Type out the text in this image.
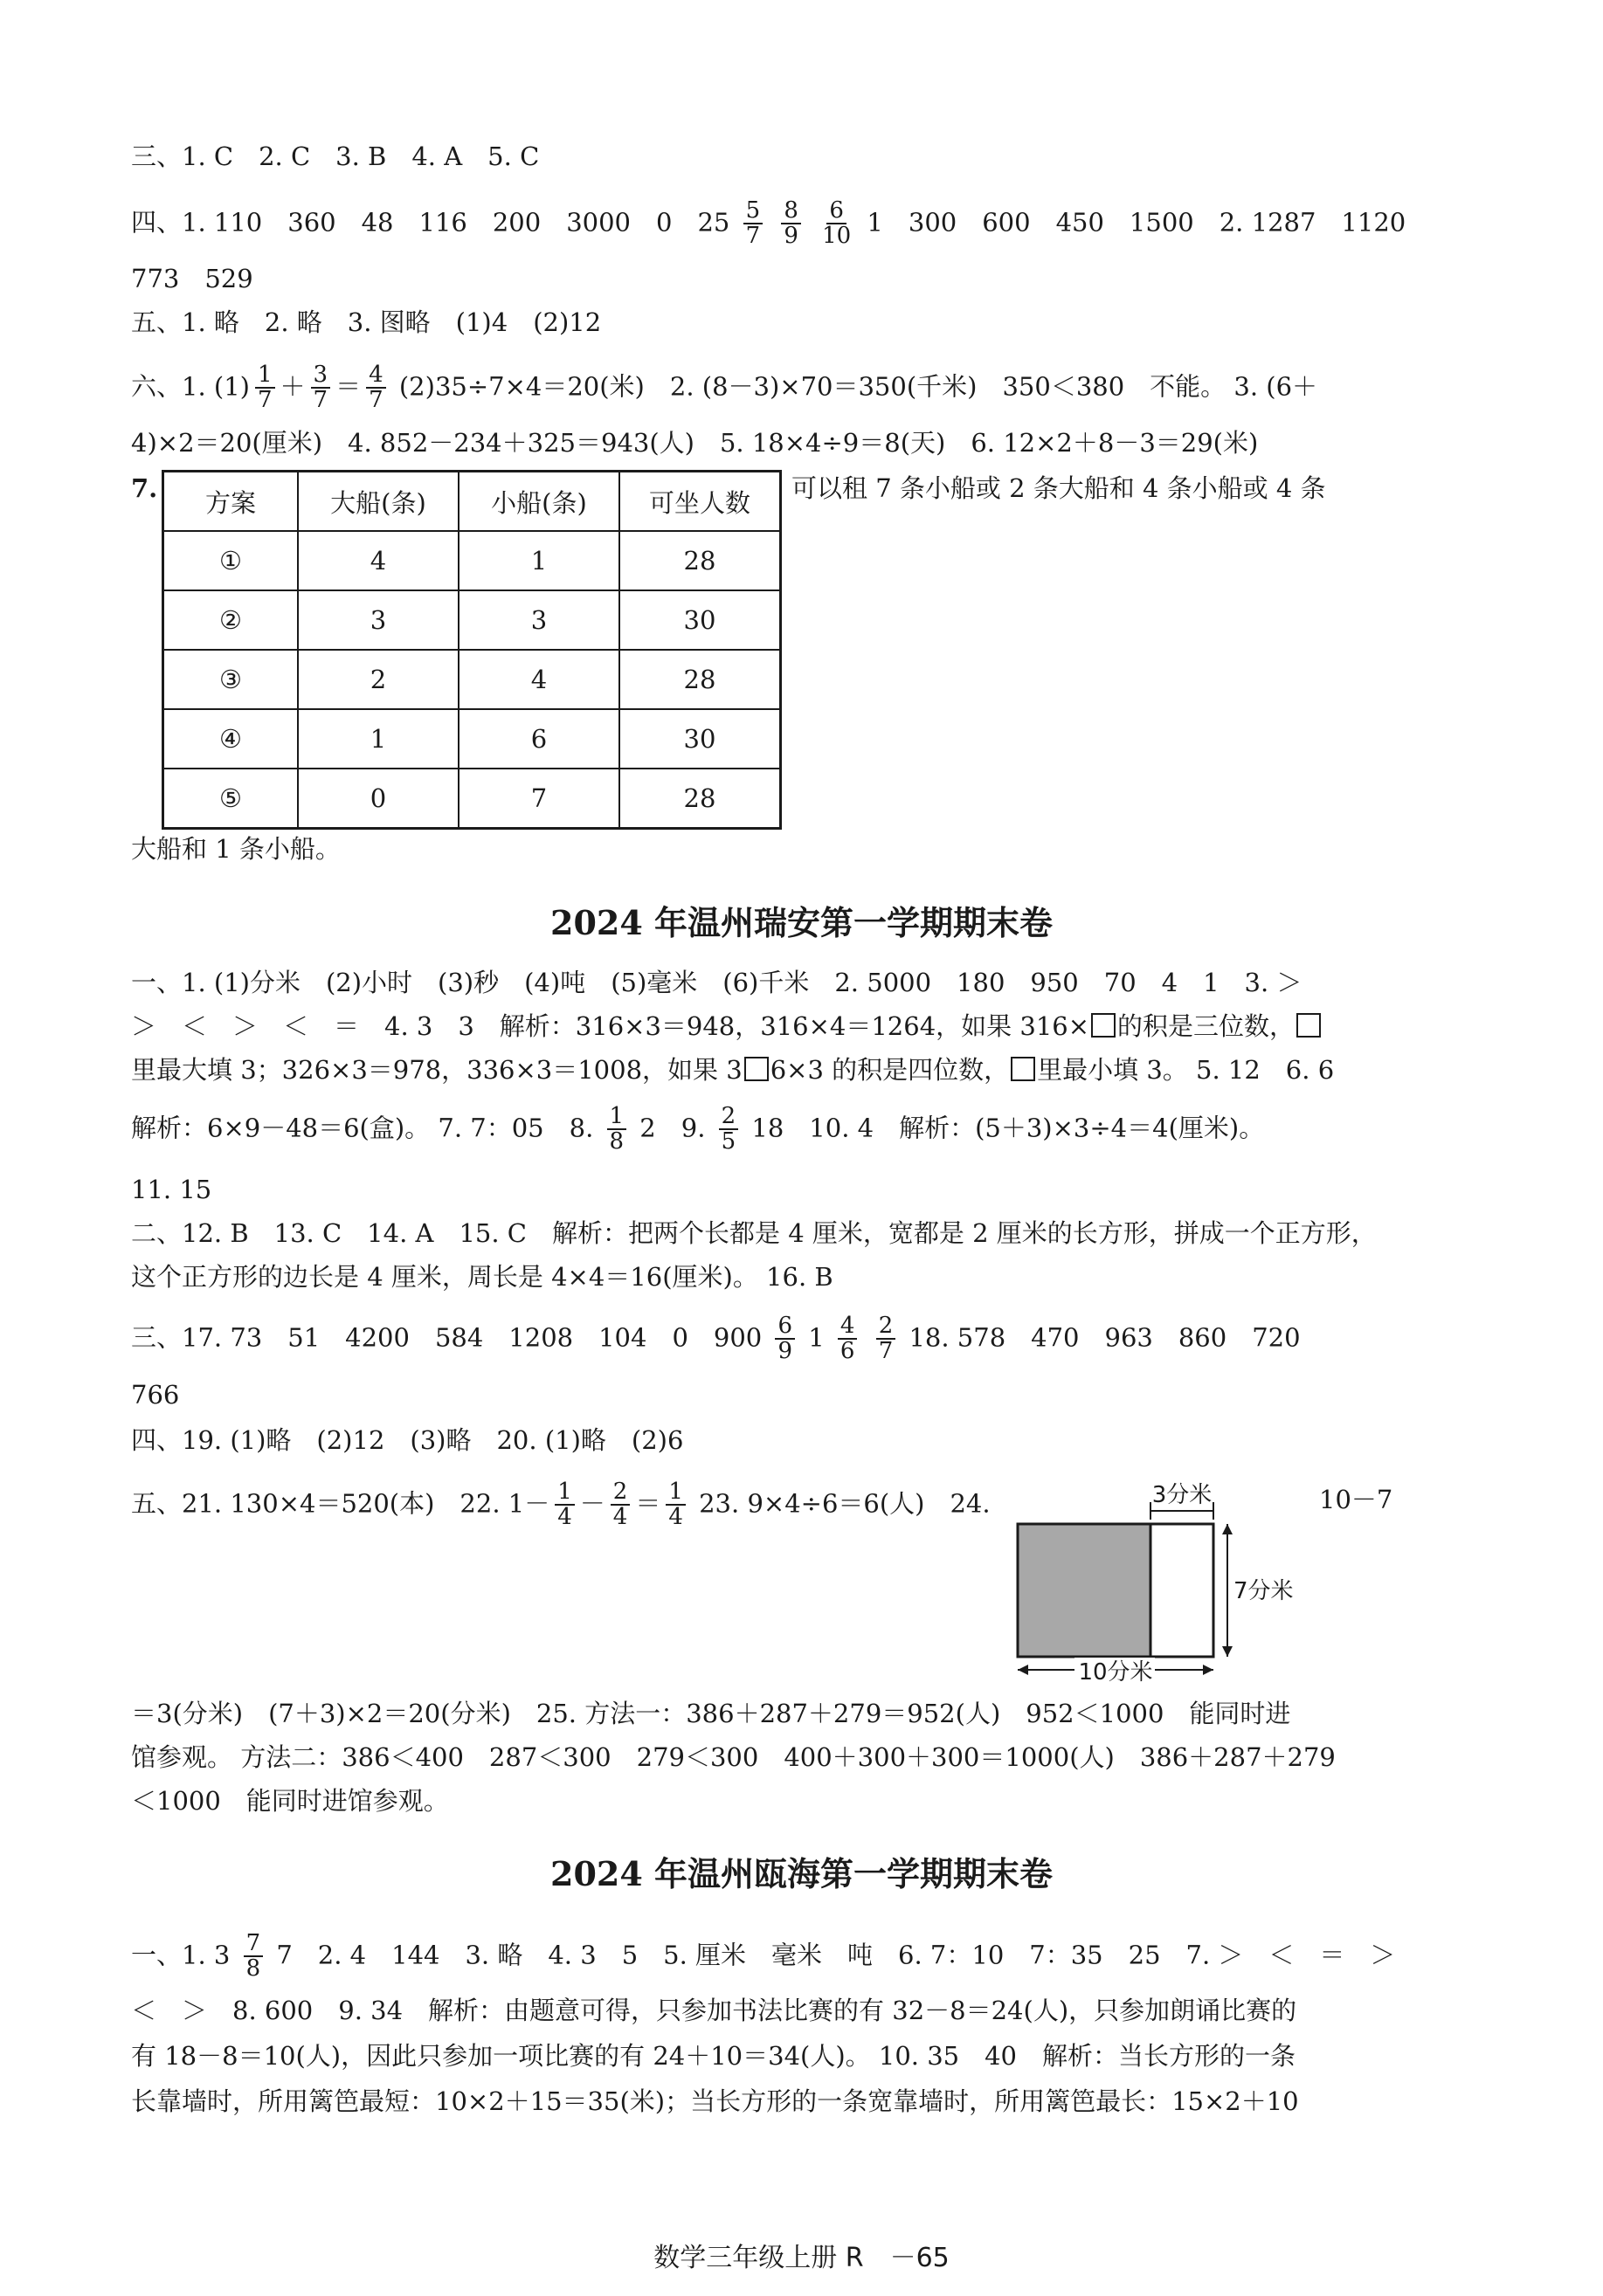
三、1. C　2. C　3. B　4. A　5. C
四、1. 110　360　48　116　200　3000　0　$25 \frac{5}{7}$
$\frac{8}{9}$
$\frac{6}{10} 1$　300　600　450　1500　2. 1287　1120
773　529
五、1. 略　2. 略　3. 图略　(1)4　(2)12
六、1. $(1) \frac{1}{7} + \frac{3}{7} = \frac{4}{7} (2)35\div 7\times 4=20$(米)　2. (8－3)×70＝350(千米)　350＜380　不能。 3. (6＋
4)×2＝20(厘米)　4. 852－234＋325＝943(人)　5. 18×4÷9＝8(天)　6. 12×2＋8－3＝29(米)
7.	可以租 7 条小船或 2 条大船和 4 条小船或 4 条
方案	大船(条)	小船(条)	可坐人数
①	4	1	28
②	3	3	30
③	2	4	28
④	1	6	30
⑤	0	7	28
大船和 1 条小船。
2024 年温州瑞安第一学期期末卷
一、1. (1)分米　(2)小时　(3)秒　(4)吨　(5)毫米　(6)千米　2. 5000　180　950　70　4　1　3. ＞
＞　＜　＞　＜　＝　4. 3　3　解析：316×3＝948，316×4＝1264，如果 316× 的积是三位数，
里最大填 3；326×3＝978，336×3＝1008，如果 3 6×3 的积是四位数， 里最小填 3。 5. 12　6. 6
解析：6×9－48＝6(盒)。 7. 7：05　8. $\frac{1}{8} 2$　9. $\frac{2}{5} 18$　10. 4　解析：(5＋3)×3÷4＝4(厘米)。
11. 15
二、12. B　13. C　14. A　15. C　解析：把两个长都是 4 厘米，宽都是 2 厘米的长方形，拼成一个正方形，
这个正方形的边长是 4 厘米，周长是 4×4＝16(厘米)。 16. B
三、17. 73　51　4200　584　1208　104　0　$900 \frac{6}{9} 1 \frac{4}{6}$
$\frac{2}{7} 18$. 578　470　963　860　720
766
四、19. (1)略　(2)12　(3)略　20. (1)略　(2)6
五、21. 130×4＝520(本)　22. $1- \frac{1}{4} - \frac{2}{4} = \frac{1}{4} 23$. 9×4÷6＝6(人)　24.	10－7
3分米
7分米
10分米
＝3(分米)　(7＋3)×2＝20(分米)　25. 方法一：386＋287＋279＝952(人)　952＜1000　能同时进
馆参观。 方法二：386＜400　287＜300　279＜300　400＋300＋300＝1000(人)　386＋287＋279
＜1000　能同时进馆参观。
2024 年温州瓯海第一学期期末卷
一、1. $3 \frac{7}{8} 7$　2. 4　144　3. 略　4. 3　5　5. 厘米　毫米　吨　6. 7：10　7：35　25　7. ＞　＜　＝　＞
＜　＞　8. 600　9. 34　解析：由题意可得，只参加书法比赛的有 32－8＝24(人)，只参加朗诵比赛的
有 18－8＝10(人)，因此只参加一项比赛的有 24＋10＝34(人)。 10. 35　40　解析：当长方形的一条
长靠墙时，所用篱笆最短：10×2＋15＝35(米)；当长方形的一条宽靠墙时，所用篱笆最长：15×2＋10
数学三年级上册 R　－65
